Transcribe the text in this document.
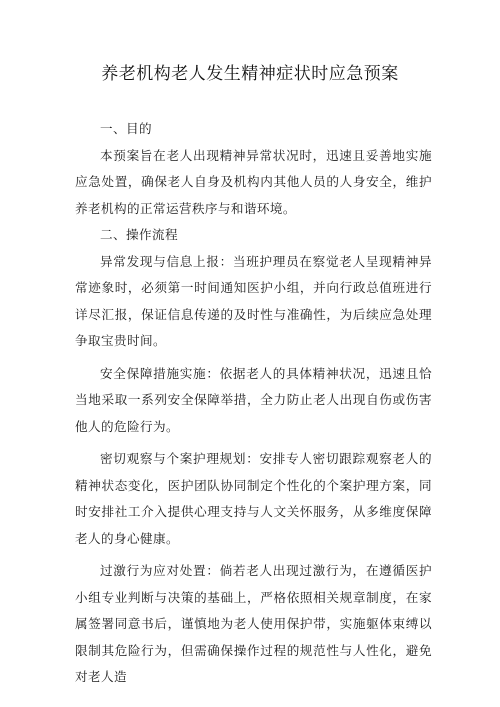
养老机构老人发生精神症状时应急预案

一、目的

本预案旨在老人出现精神异常状况时，迅速且妥善地实施应急处置，确保老人自身及机构内其他人员的人身安全，维护养老机构的正常运营秩序与和谐环境。

二、操作流程

异常发现与信息上报：当班护理员在察觉老人呈现精神异常迹象时，必须第一时间通知医护小组，并向行政总值班进行详尽汇报，保证信息传递的及时性与准确性，为后续应急处理争取宝贵时间。

安全保障措施实施：依据老人的具体精神状况，迅速且恰当地采取一系列安全保障举措，全力防止老人出现自伤或伤害他人的危险行为。

密切观察与个案护理规划：安排专人密切跟踪观察老人的精神状态变化，医护团队协同制定个性化的个案护理方案，同时安排社工介入提供心理支持与人文关怀服务，从多维度保障老人的身心健康。

过激行为应对处置：倘若老人出现过激行为，在遵循医护小组专业判断与决策的基础上，严格依照相关规章制度，在家属签署同意书后，谨慎地为老人使用保护带，实施躯体束缚以限制其危险行为，但需确保操作过程的规范性与人性化，避免对老人造
